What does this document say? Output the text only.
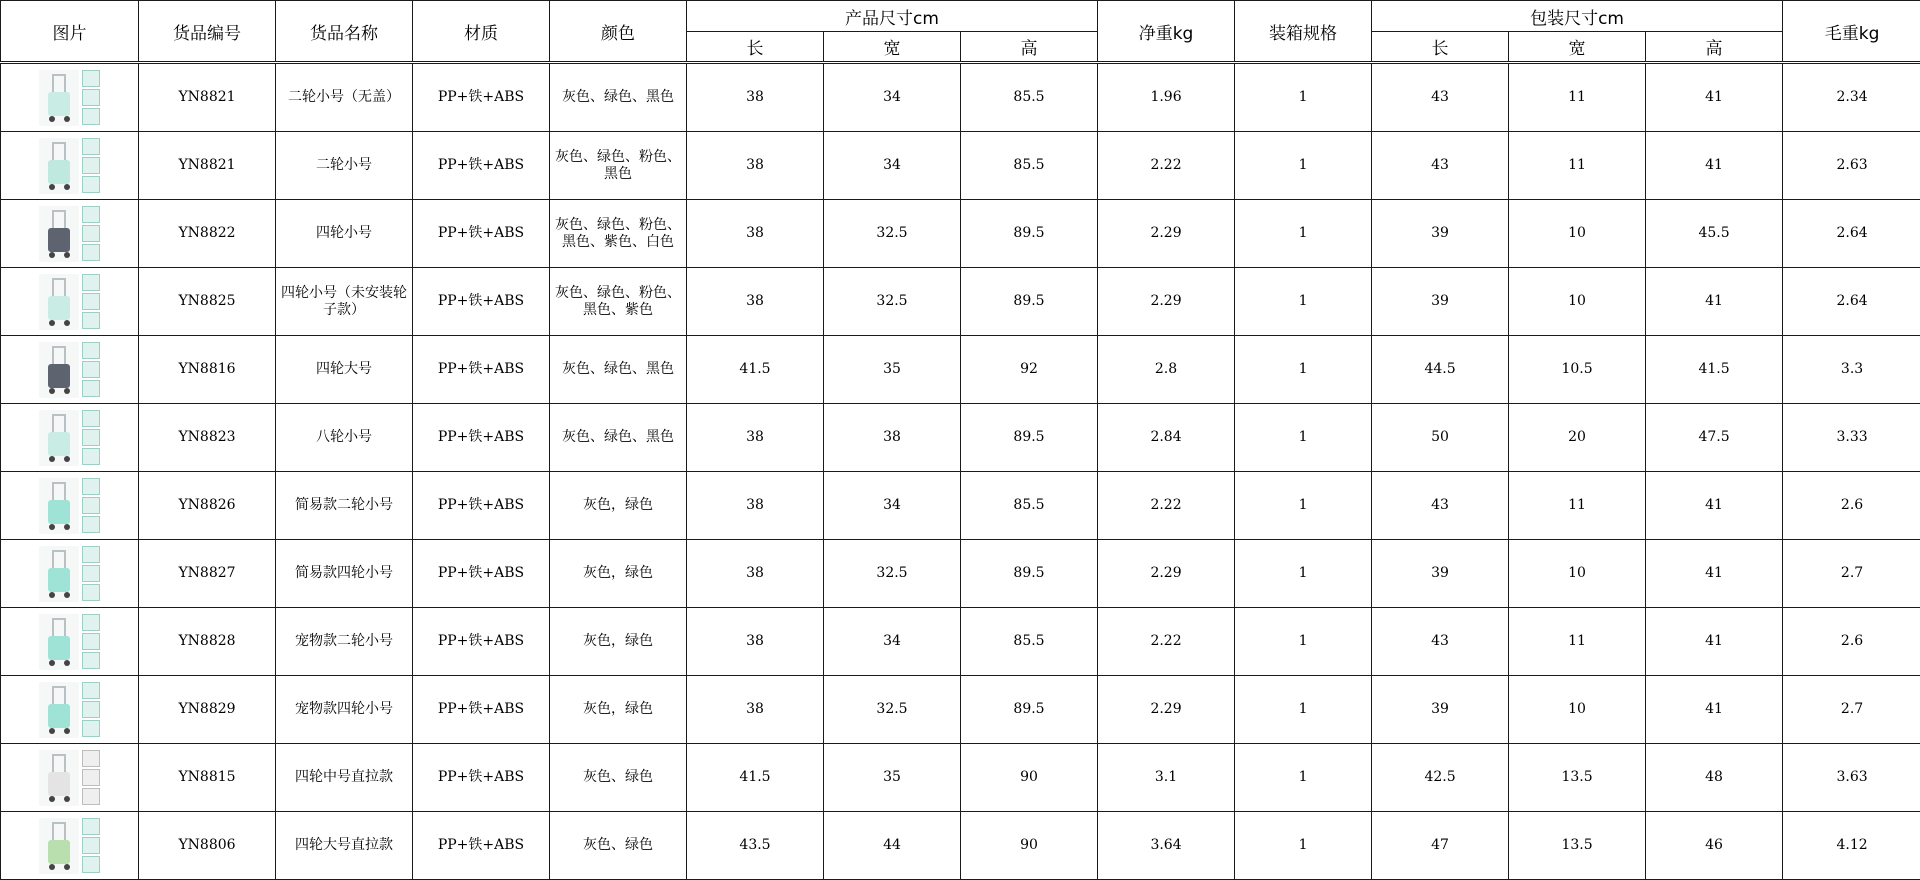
图片	货品编号	货品名称	材质	颜色	产品尺寸cm			净重kg	装箱规格	包装尺寸cm			毛重kg
					长	宽	高			长	宽	高	

	YN8821	二轮小号（无盖）	PP+铁+ABS	灰色、绿色、黑色	38	34	85.5	1.96	1	43	11	41	2.34

	YN8821	二轮小号	PP+铁+ABS	灰色、绿色、粉色、黑色	38	34	85.5	2.22	1	43	11	41	2.63

	YN8822	四轮小号	PP+铁+ABS	灰色、绿色、粉色、黑色、紫色、白色	38	32.5	89.5	2.29	1	39	10	45.5	2.64

	YN8825	四轮小号（未安装轮子款）	PP+铁+ABS	灰色、绿色、粉色、黑色、紫色	38	32.5	89.5	2.29	1	39	10	41	2.64

	YN8816	四轮大号	PP+铁+ABS	灰色、绿色、黑色	41.5	35	92	2.8	1	44.5	10.5	41.5	3.3

	YN8823	八轮小号	PP+铁+ABS	灰色、绿色、黑色	38	38	89.5	2.84	1	50	20	47.5	3.33

	YN8826	简易款二轮小号	PP+铁+ABS	灰色，绿色	38	34	85.5	2.22	1	43	11	41	2.6

	YN8827	简易款四轮小号	PP+铁+ABS	灰色，绿色	38	32.5	89.5	2.29	1	39	10	41	2.7

	YN8828	宠物款二轮小号	PP+铁+ABS	灰色，绿色	38	34	85.5	2.22	1	43	11	41	2.6

	YN8829	宠物款四轮小号	PP+铁+ABS	灰色，绿色	38	32.5	89.5	2.29	1	39	10	41	2.7

	YN8815	四轮中号直拉款	PP+铁+ABS	灰色、绿色	41.5	35	90	3.1	1	42.5	13.5	48	3.63

	YN8806	四轮大号直拉款	PP+铁+ABS	灰色、绿色	43.5	44	90	3.64	1	47	13.5	46	4.12
